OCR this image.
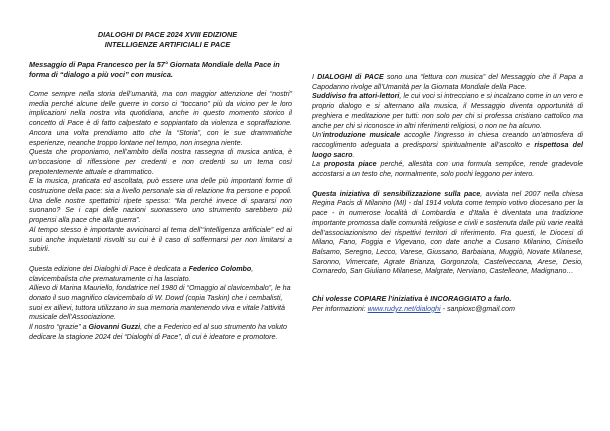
DIALOGHI DI PACE 2024 XVIII EDIZIONE
INTELLIGENZE ARTIFICIALI E PACE

Messaggio di Papa Francesco per la 57° Giornata Mondiale della Pace in forma di “dialogo a più voci” con musica.

Come sempre nella storia dell’umanità, ma con maggior attenzione dei “nostri” media perché alcune delle guerre in corso ci “toccano” più da vicino per le loro implicazioni nella nostra vita quotidiana, anche in questo momento storico il concetto di Pace è di fatto calpestato e soppiantato da violenza e sopraffazione. Ancora una volta prendiamo atto che la “Storia”, con le sue drammatiche esperienze, neanche troppo lontane nel tempo, non insegna niente.

Questa che proponiamo, nell’ambito della nostra rassegna di musica antica, è un’occasione di riflessione per credenti e non credenti su un tema così prepotentemente attuale e drammatico.

E la musica, praticata ed ascoltata, può essere una delle più importanti forme di costruzione della pace: sia a livello personale sia di relazione fra persone e popoli. Una delle nostre spettatrici ripete spesso: “Ma perché invece di spararsi non suonano? Se i capi delle nazioni suonassero uno strumento sarebbero più propensi alla pace che alla guerra”.

Al tempo stesso è importante avvicinarci al tema dell’“intelligenza artificiale” ed ai suoi anche inquietanti risvolti su cui è il caso di soffermarsi per non limitarsi a subirli.

Questa edizione dei Dialoghi di Pace è dedicata a Federico Colombo, clavicembalista che prematuramente ci ha lasciato.

Allievo di Marina Mauriello, fondatrice nel 1980 di “Omaggio al clavicembalo”, le ha donato il suo magnifico clavicembalo di W. Dowd (copia Taskin) che i cembalisti, suoi ex allievi, tuttora utilizzano in sua memoria mantenendo viva e vitale l’attività musicale dell’Associazione.

Il nostro “grazie” a Giovanni Guzzi, che a Federico ed al suo strumento ha voluto dedicare la stagione 2024 dei “Dialoghi di Pace”, di cui è ideatore e promotore.

I DIALOGHI di PACE sono una “lettura con musica” del Messaggio che il Papa a Capodanno rivolge all’Umanità per la Giornata Mondiale della Pace.

Suddiviso fra attori-lettori, le cui voci si intrecciano e si incalzano come in un vero e proprio dialogo e si alternano alla musica, il Messaggio diventa opportunità di preghiera e meditazione per tutti: non solo per chi si professa cristiano cattolico ma anche per chi si riconosce in altri riferimenti religiosi, o non ne ha alcuno.

Un’introduzione musicale accoglie l’ingresso in chiesa creando un’atmosfera di raccoglimento adeguata a predisporsi spiritualmente all’ascolto e rispettosa del luogo sacro.

La proposta piace perché, allestita con una formula semplice, rende gradevole accostarsi a un testo che, normalmente, solo pochi leggono per intero.

Questa iniziativa di sensibilizzazione sulla pace, avviata nel 2007 nella chiesa Regina Pacis di Milanino (MI) - dal 1914 voluta come tempio votivo diocesano per la pace - in numerose località di Lombardia e d’Italia è diventata una tradizione importante promossa dalle comunità religiose e civili e sostenuta dalle più varie realtà dell’associazionismo dei rispettivi territori di riferimento. Fra questi, le Diocesi di Milano, Fano, Foggia e Vigevano, con date anche a Cusano Milanino, Cinisello Balsamo, Seregno, Lecco, Varese, Giussano, Barbaiana, Muggiò, Novate Milanese, Saronno, Vimercate, Agrate Brianza, Gorgonzola, Castelveccana, Arese, Desio, Cornaredo, San Giuliano Milanese, Malgrate, Nerviano, Castelleone, Madignano…

Chi volesse COPIARE l’iniziativa è INCORAGGIATO a farlo.

Per informazioni: www.rudyz.net/dialoghi - sanpioxc@gmail.com
